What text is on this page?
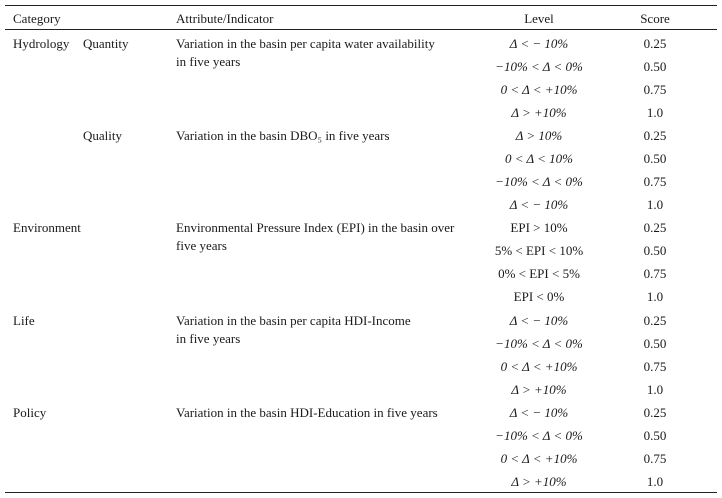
Category	Attribute/Indicator	Level	Score
Hydrology Quantity	Variation in the basin per capita water availability
in five years
Δ < − 10%	0.25
−10% < Δ < 0%	0.50
0 < Δ < +10%	0.75
Δ > +10%	1.0
Quality	Variation in the basin DBO₅ in five years	Δ > 10%	0.25
0 < Δ < 10%	0.50
−10% < Δ < 0%	0.75
Δ < − 10%	1.0
Environment	Environmental Pressure Index (EPI) in the basin over
five years
EPI > 10%	0.25
5% < EPI < 10%	0.50
0% < EPI < 5%	0.75
EPI < 0%	1.0
Life	Variation in the basin per capita HDI-Income
in five years
Δ < − 10%	0.25
−10% < Δ < 0%	0.50
0 < Δ < +10%	0.75
Δ > +10%	1.0
Policy	Variation in the basin HDI-Education in five years	Δ < − 10%	0.25
−10% < Δ < 0%	0.50
0 < Δ < +10%	0.75
Δ > +10%	1.0
